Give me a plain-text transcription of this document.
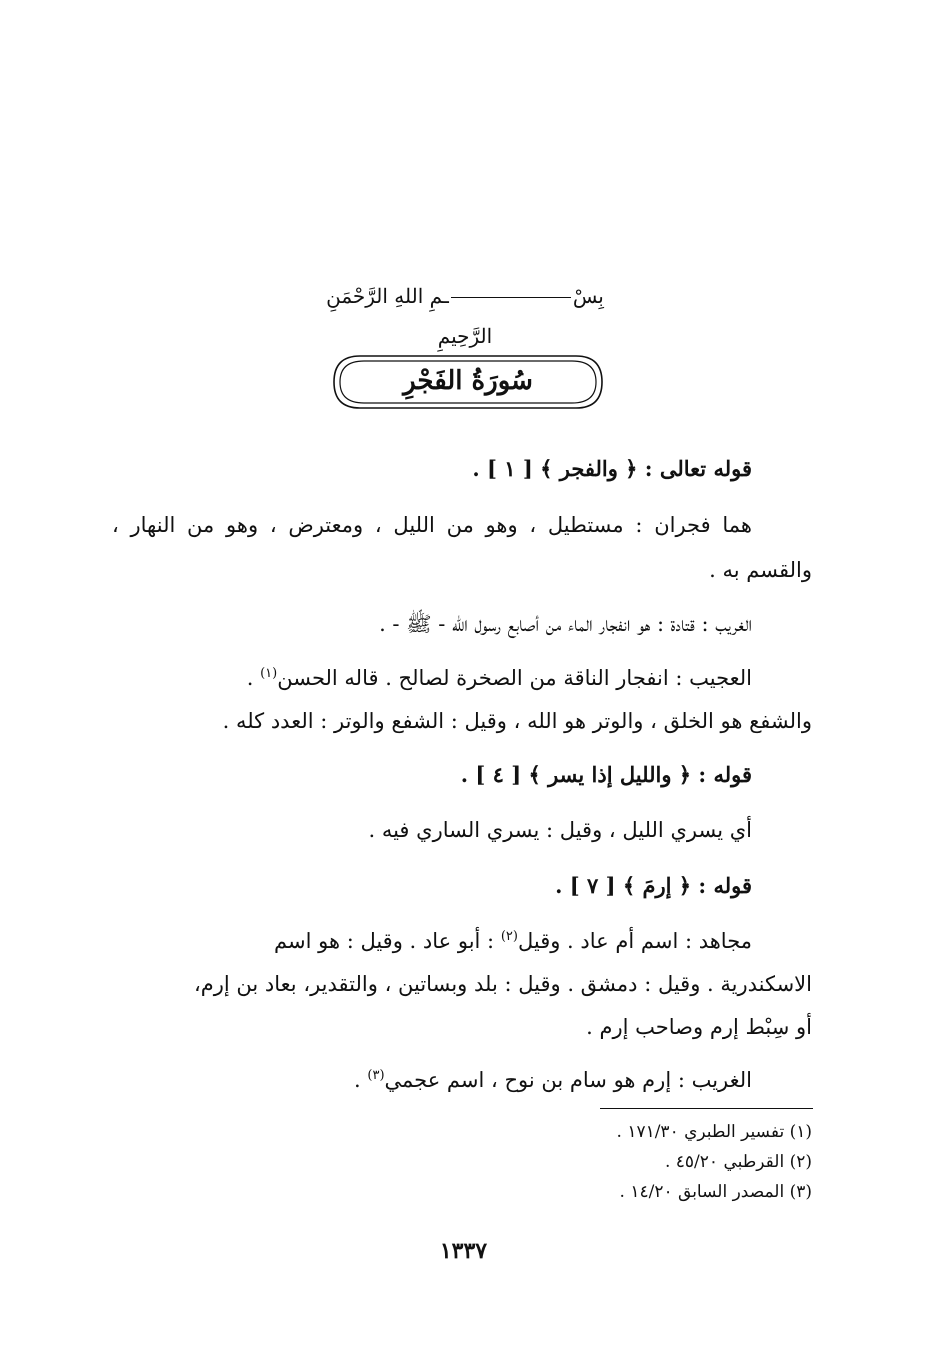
بِسْـمِ اللهِ الرَّحْمَنِ الرَّحِيمِ
سُورَةُ الفَجْرِ
قوله تعالى : ﴿ والفجر ﴾ [ ١ ] .
هما فجران : مستطيل ، وهو من الليل ، ومعترض ، وهو من النهار ،
والقسم به .
الغريب : قتادة : هو انفجار الماء من أصابع رسول الله - ﷺ - .
العجيب : انفجار الناقة من الصخرة لصالح . قاله الحسن$^{(١)}$ .
والشفع هو الخلق ، والوتر هو الله ، وقيل : الشفع والوتر : العدد كله .
قوله : ﴿ والليل إذا يسر ﴾ [ ٤ ] .
أي يسري الليل ، وقيل : يسري الساري فيه .
قوله : ﴿ إرمَ ﴾ [ ٧ ] .
مجاهد : اسم أم عاد . وقيل$^{(٢)}$ : أبو عاد . وقيل : هو اسم
الاسكندرية . وقيل : دمشق . وقيل : بلد وبساتين ، والتقدير، بعاد بن إرم،
أو سِبْط إرم وصاحب إرم .
الغريب : إرم هو سام بن نوح ، اسم عجمي$^{(٣)}$ .
(١) تفسير الطبري ١٧١/٣٠ .
(٢) القرطبي ٤٥/٢٠ .
(٣) المصدر السابق ١٤/٢٠ .
١٣٣٧
